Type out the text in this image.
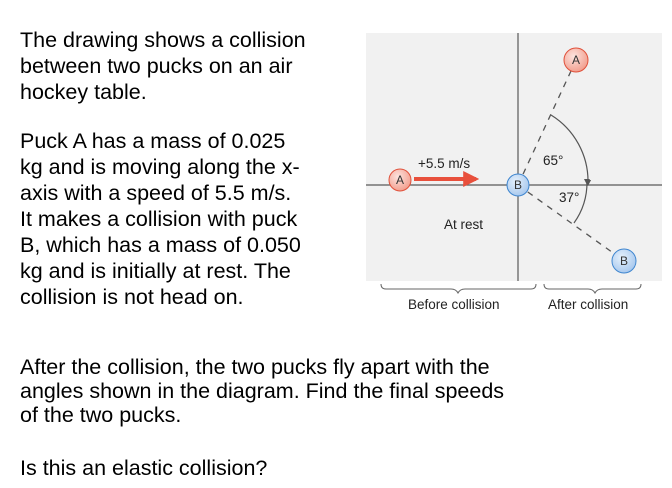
The drawing shows a collision
between two pucks on an air
hockey table.

Puck A has a mass of 0.025
kg and is moving along the x-
axis with a speed of 5.5 m/s.
It makes a collision with puck
B, which has a mass of 0.050
kg and is initially at rest. The
collision is not head on.

After the collision, the two pucks fly apart with the
angles shown in the diagram. Find the final speeds
of the two pucks.

Is this an elastic collision?

+5.5 m/s	65°
37°
A	B
At rest
A
B
Before collision	After collision
